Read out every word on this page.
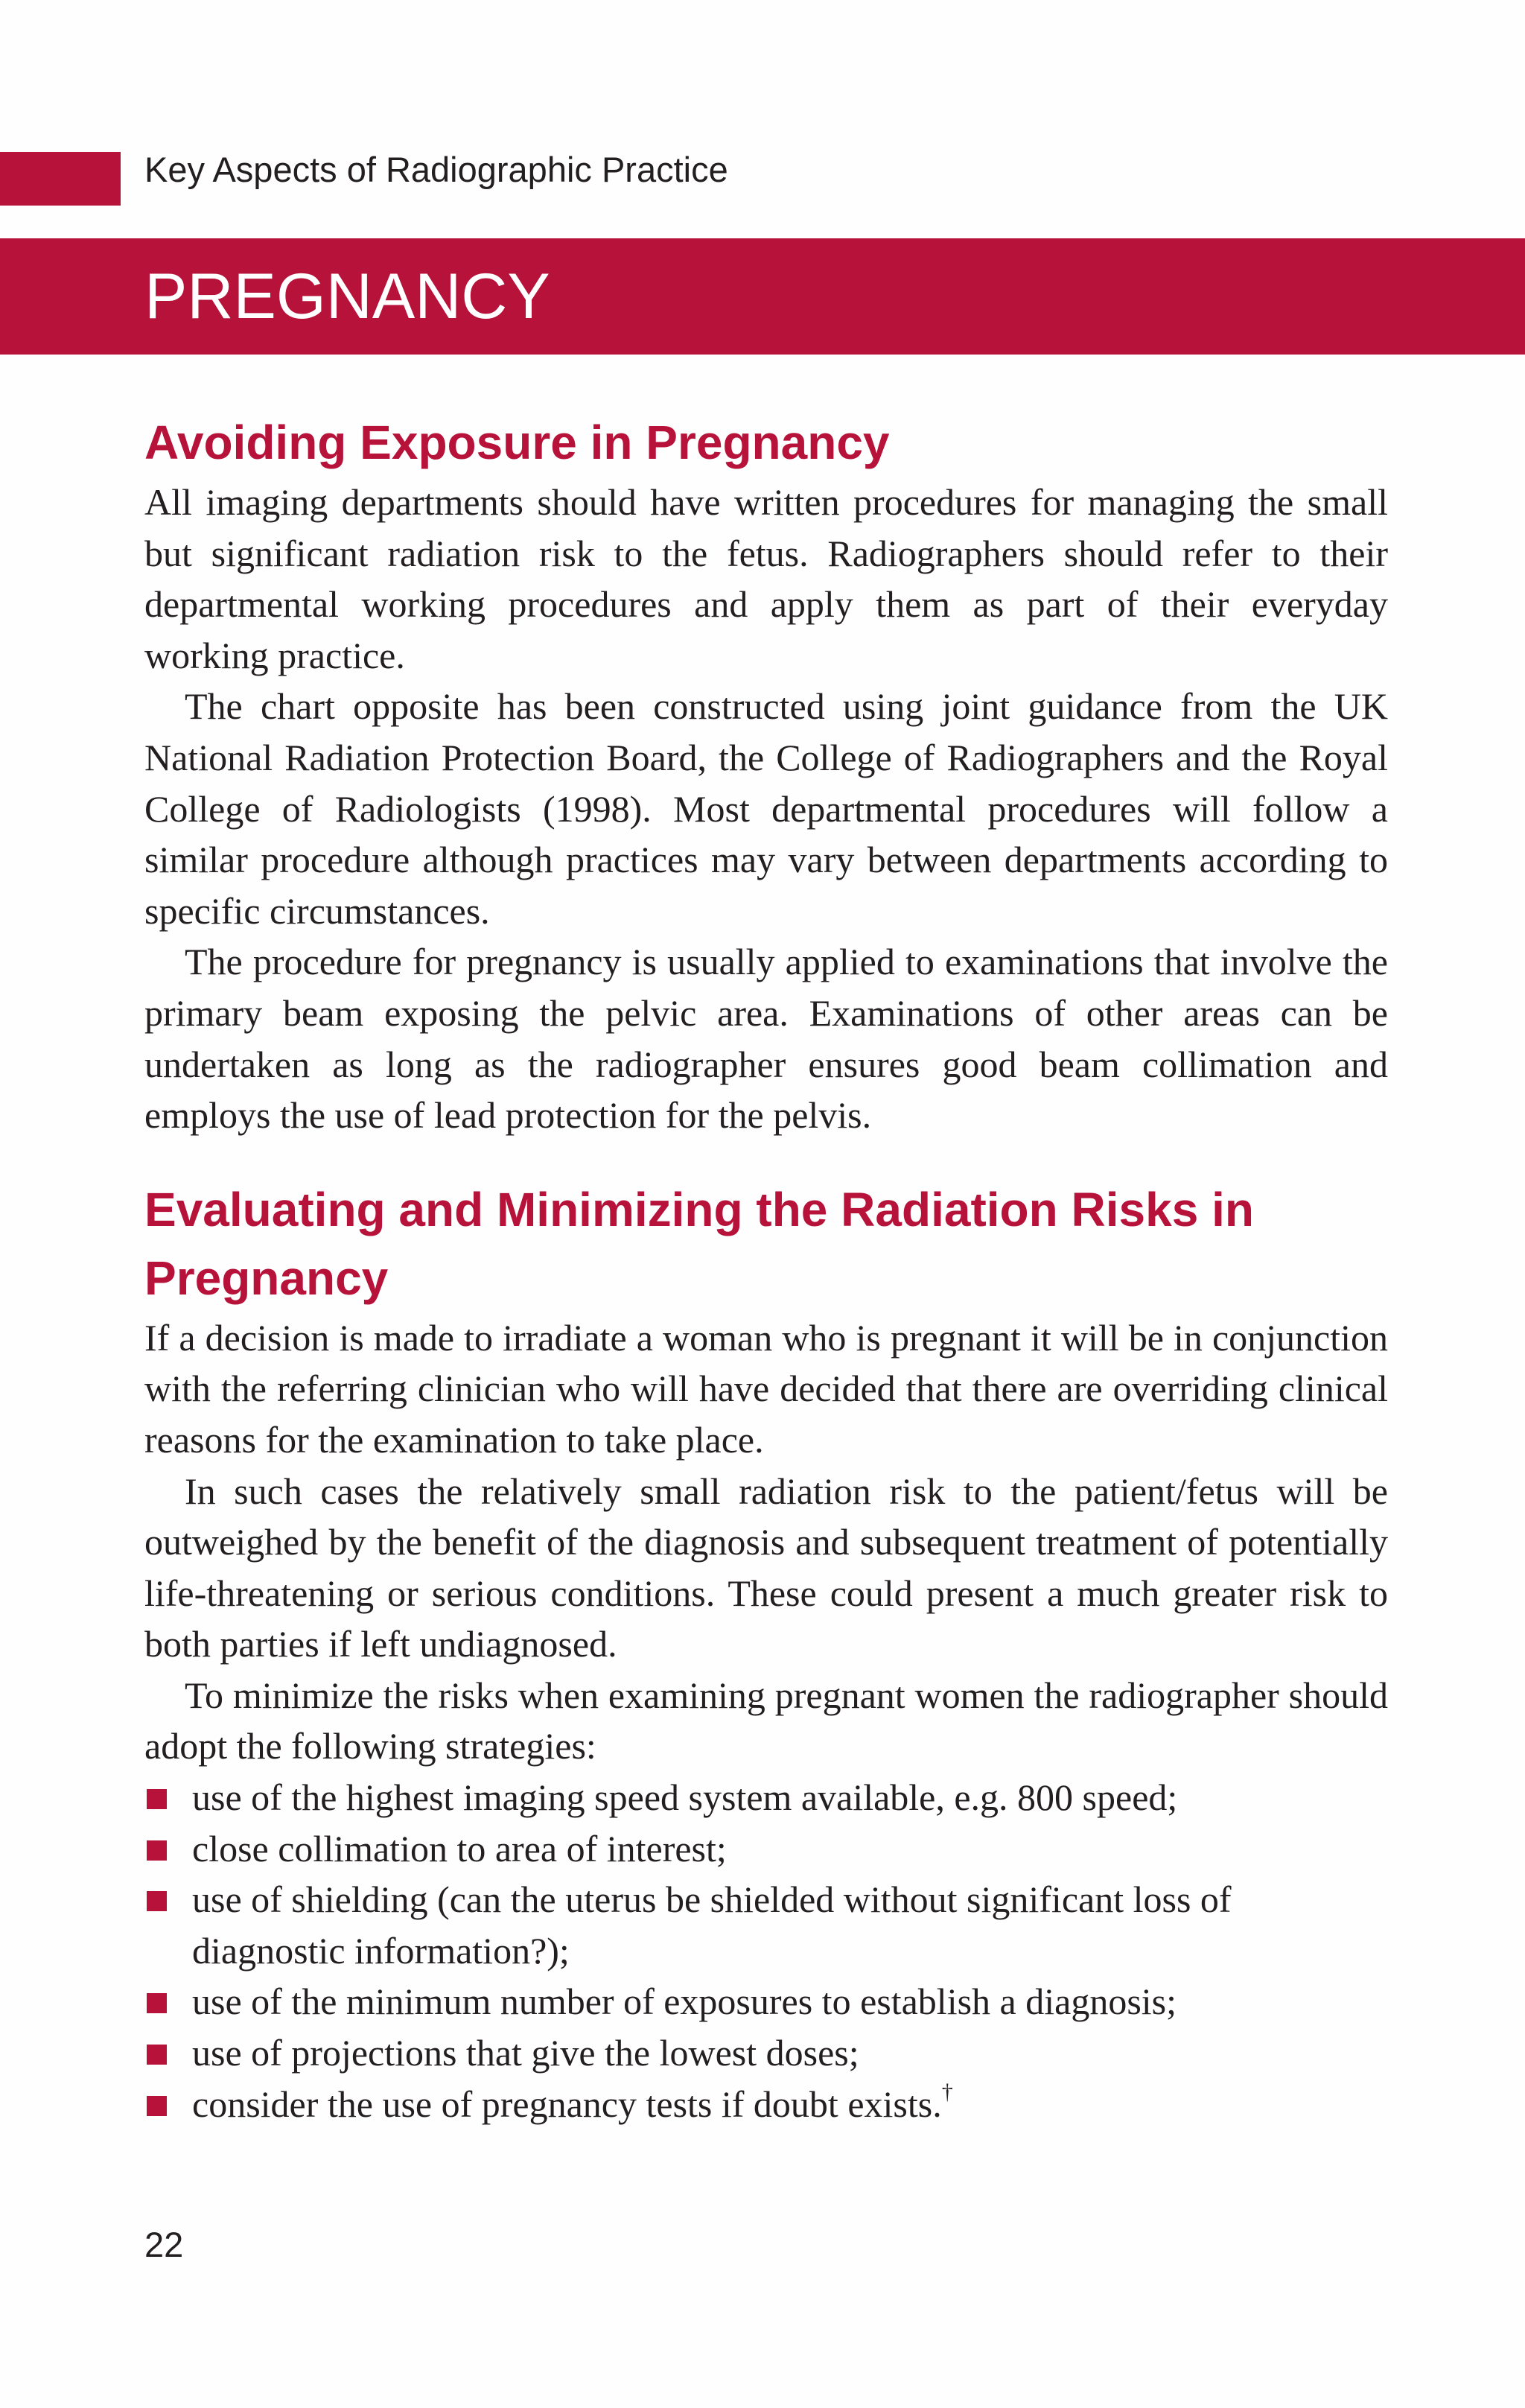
Key Aspects of Radiographic Practice
PREGNANCY
Avoiding Exposure in Pregnancy

All imaging departments should have written procedures for managing the small but significant radiation risk to the fetus. Radiographers should refer to their departmental working procedures and apply them as part of their everyday working practice.

The chart opposite has been constructed using joint guidance from the UK National Radiation Protection Board, the College of Radiographers and the Royal College of Radiologists (1998). Most departmental procedures will follow a similar procedure although practices may vary between departments according to specific circumstances.

The procedure for pregnancy is usually applied to examinations that involve the primary beam exposing the pelvic area. Examinations of other areas can be undertaken as long as the radiographer ensures good beam collimation and employs the use of lead protection for the pelvis.

Evaluating and Minimizing the Radiation Risks in Pregnancy

If a decision is made to irradiate a woman who is pregnant it will be in conjunction with the referring clinician who will have decided that there are overriding clinical reasons for the examination to take place.

In such cases the relatively small radiation risk to the patient/fetus will be outweighed by the benefit of the diagnosis and subsequent treatment of potentially life-threatening or serious conditions. These could present a much greater risk to both parties if left undiagnosed.

To minimize the risks when examining pregnant women the radiographer should adopt the following strategies:

use of the highest imaging speed system available, e.g. 800 speed;
close collimation to area of interest;
use of shielding (can the uterus be shielded without significant loss of diagnostic information?);
use of the minimum number of exposures to establish a diagnosis;
use of projections that give the lowest doses;
consider the use of pregnancy tests if doubt exists.†
22
